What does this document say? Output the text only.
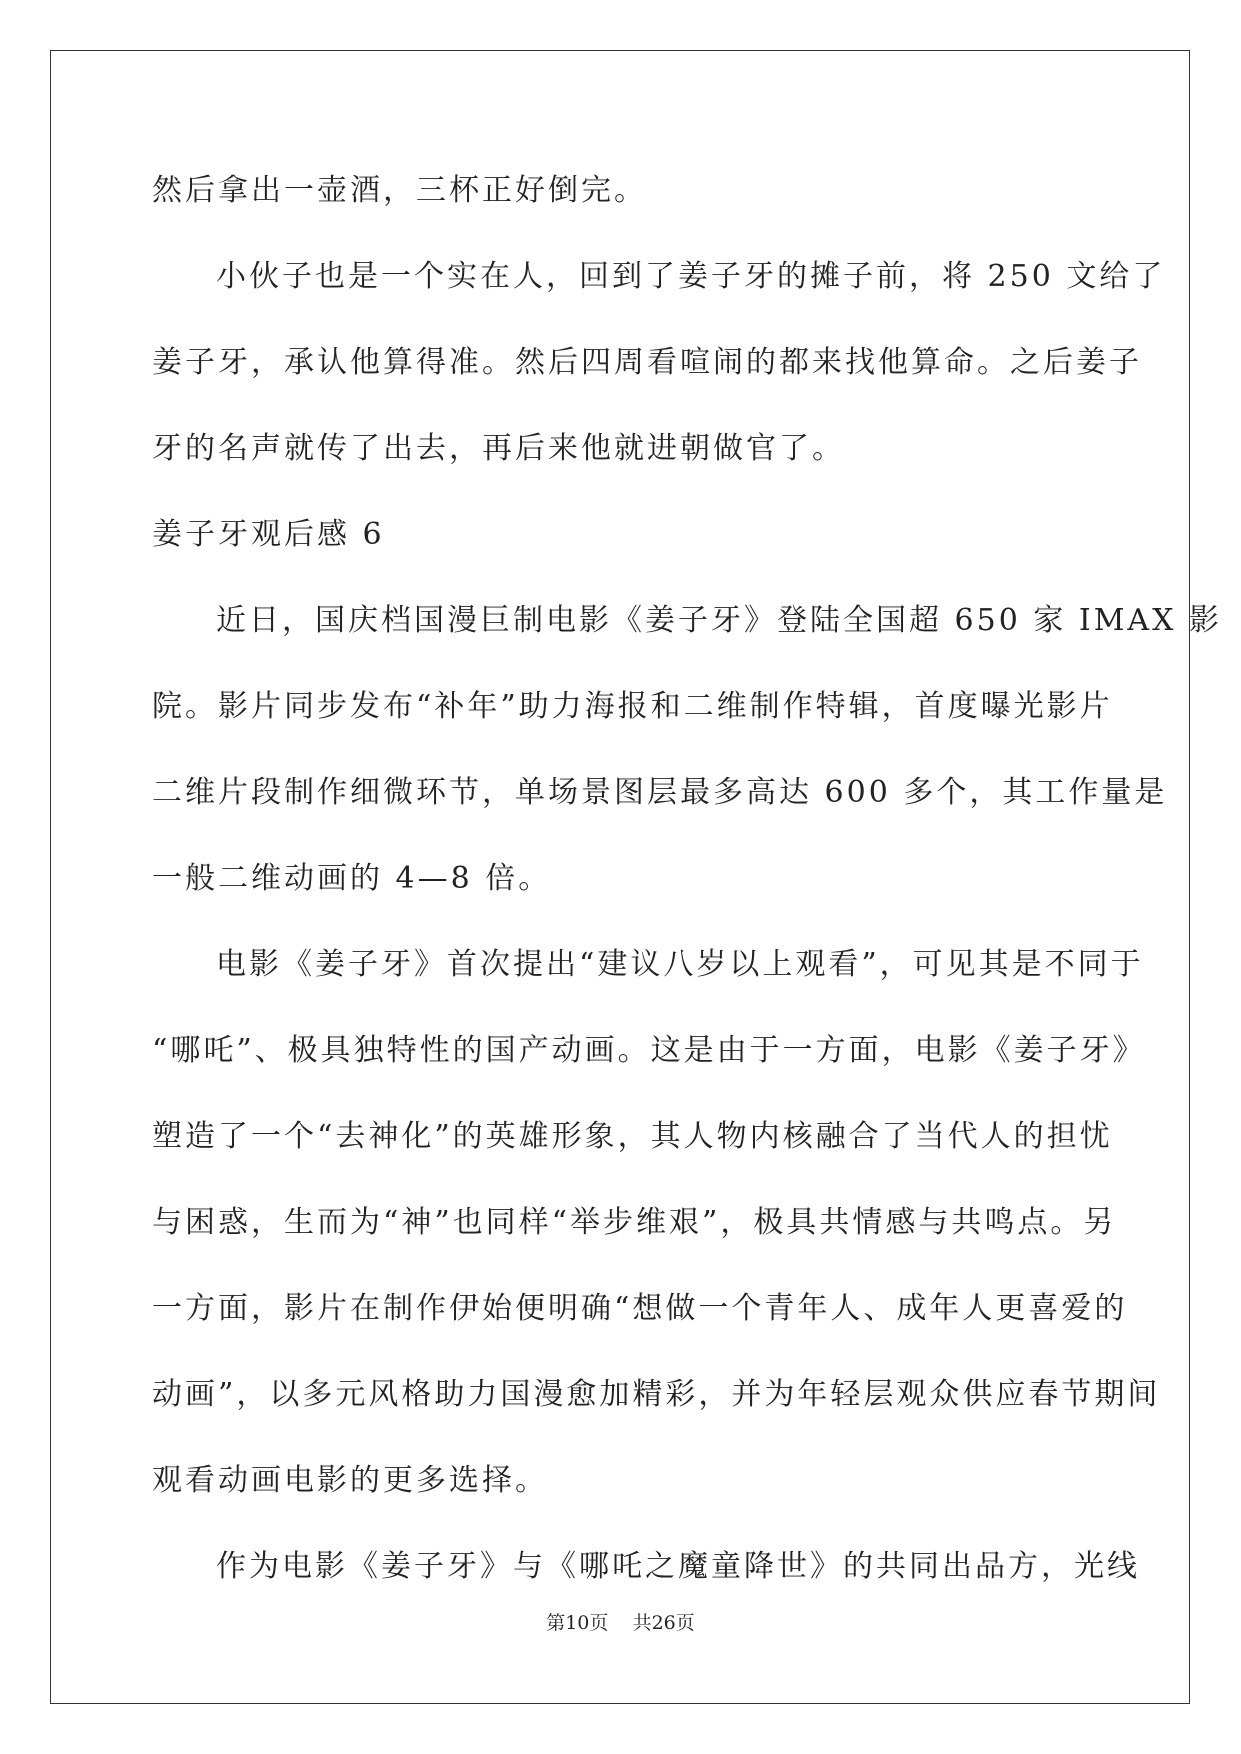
然后拿出一壶酒，三杯正好倒完。
小伙子也是一个实在人，回到了姜子牙的摊子前，将 250 文给了
姜子牙，承认他算得准。然后四周看喧闹的都来找他算命。之后姜子
牙的名声就传了出去，再后来他就进朝做官了。
姜子牙观后感 6
近日，国庆档国漫巨制电影《姜子牙》登陆全国超 650 家 IMAX 影
院。影片同步发布“补年”助力海报和二维制作特辑，首度曝光影片
二维片段制作细微环节，单场景图层最多高达 600 多个，其工作量是
一般二维动画的 4—8 倍。
电影《姜子牙》首次提出“建议八岁以上观看”，可见其是不同于
“哪吒”、极具独特性的国产动画。这是由于一方面，电影《姜子牙》
塑造了一个“去神化”的英雄形象，其人物内核融合了当代人的担忧
与困惑，生而为“神”也同样“举步维艰”，极具共情感与共鸣点。另
一方面，影片在制作伊始便明确“想做一个青年人、成年人更喜爱的
动画”，以多元风格助力国漫愈加精彩，并为年轻层观众供应春节期间
观看动画电影的更多选择。
作为电影《姜子牙》与《哪吒之魔童降世》的共同出品方，光线
第10页 共26页
